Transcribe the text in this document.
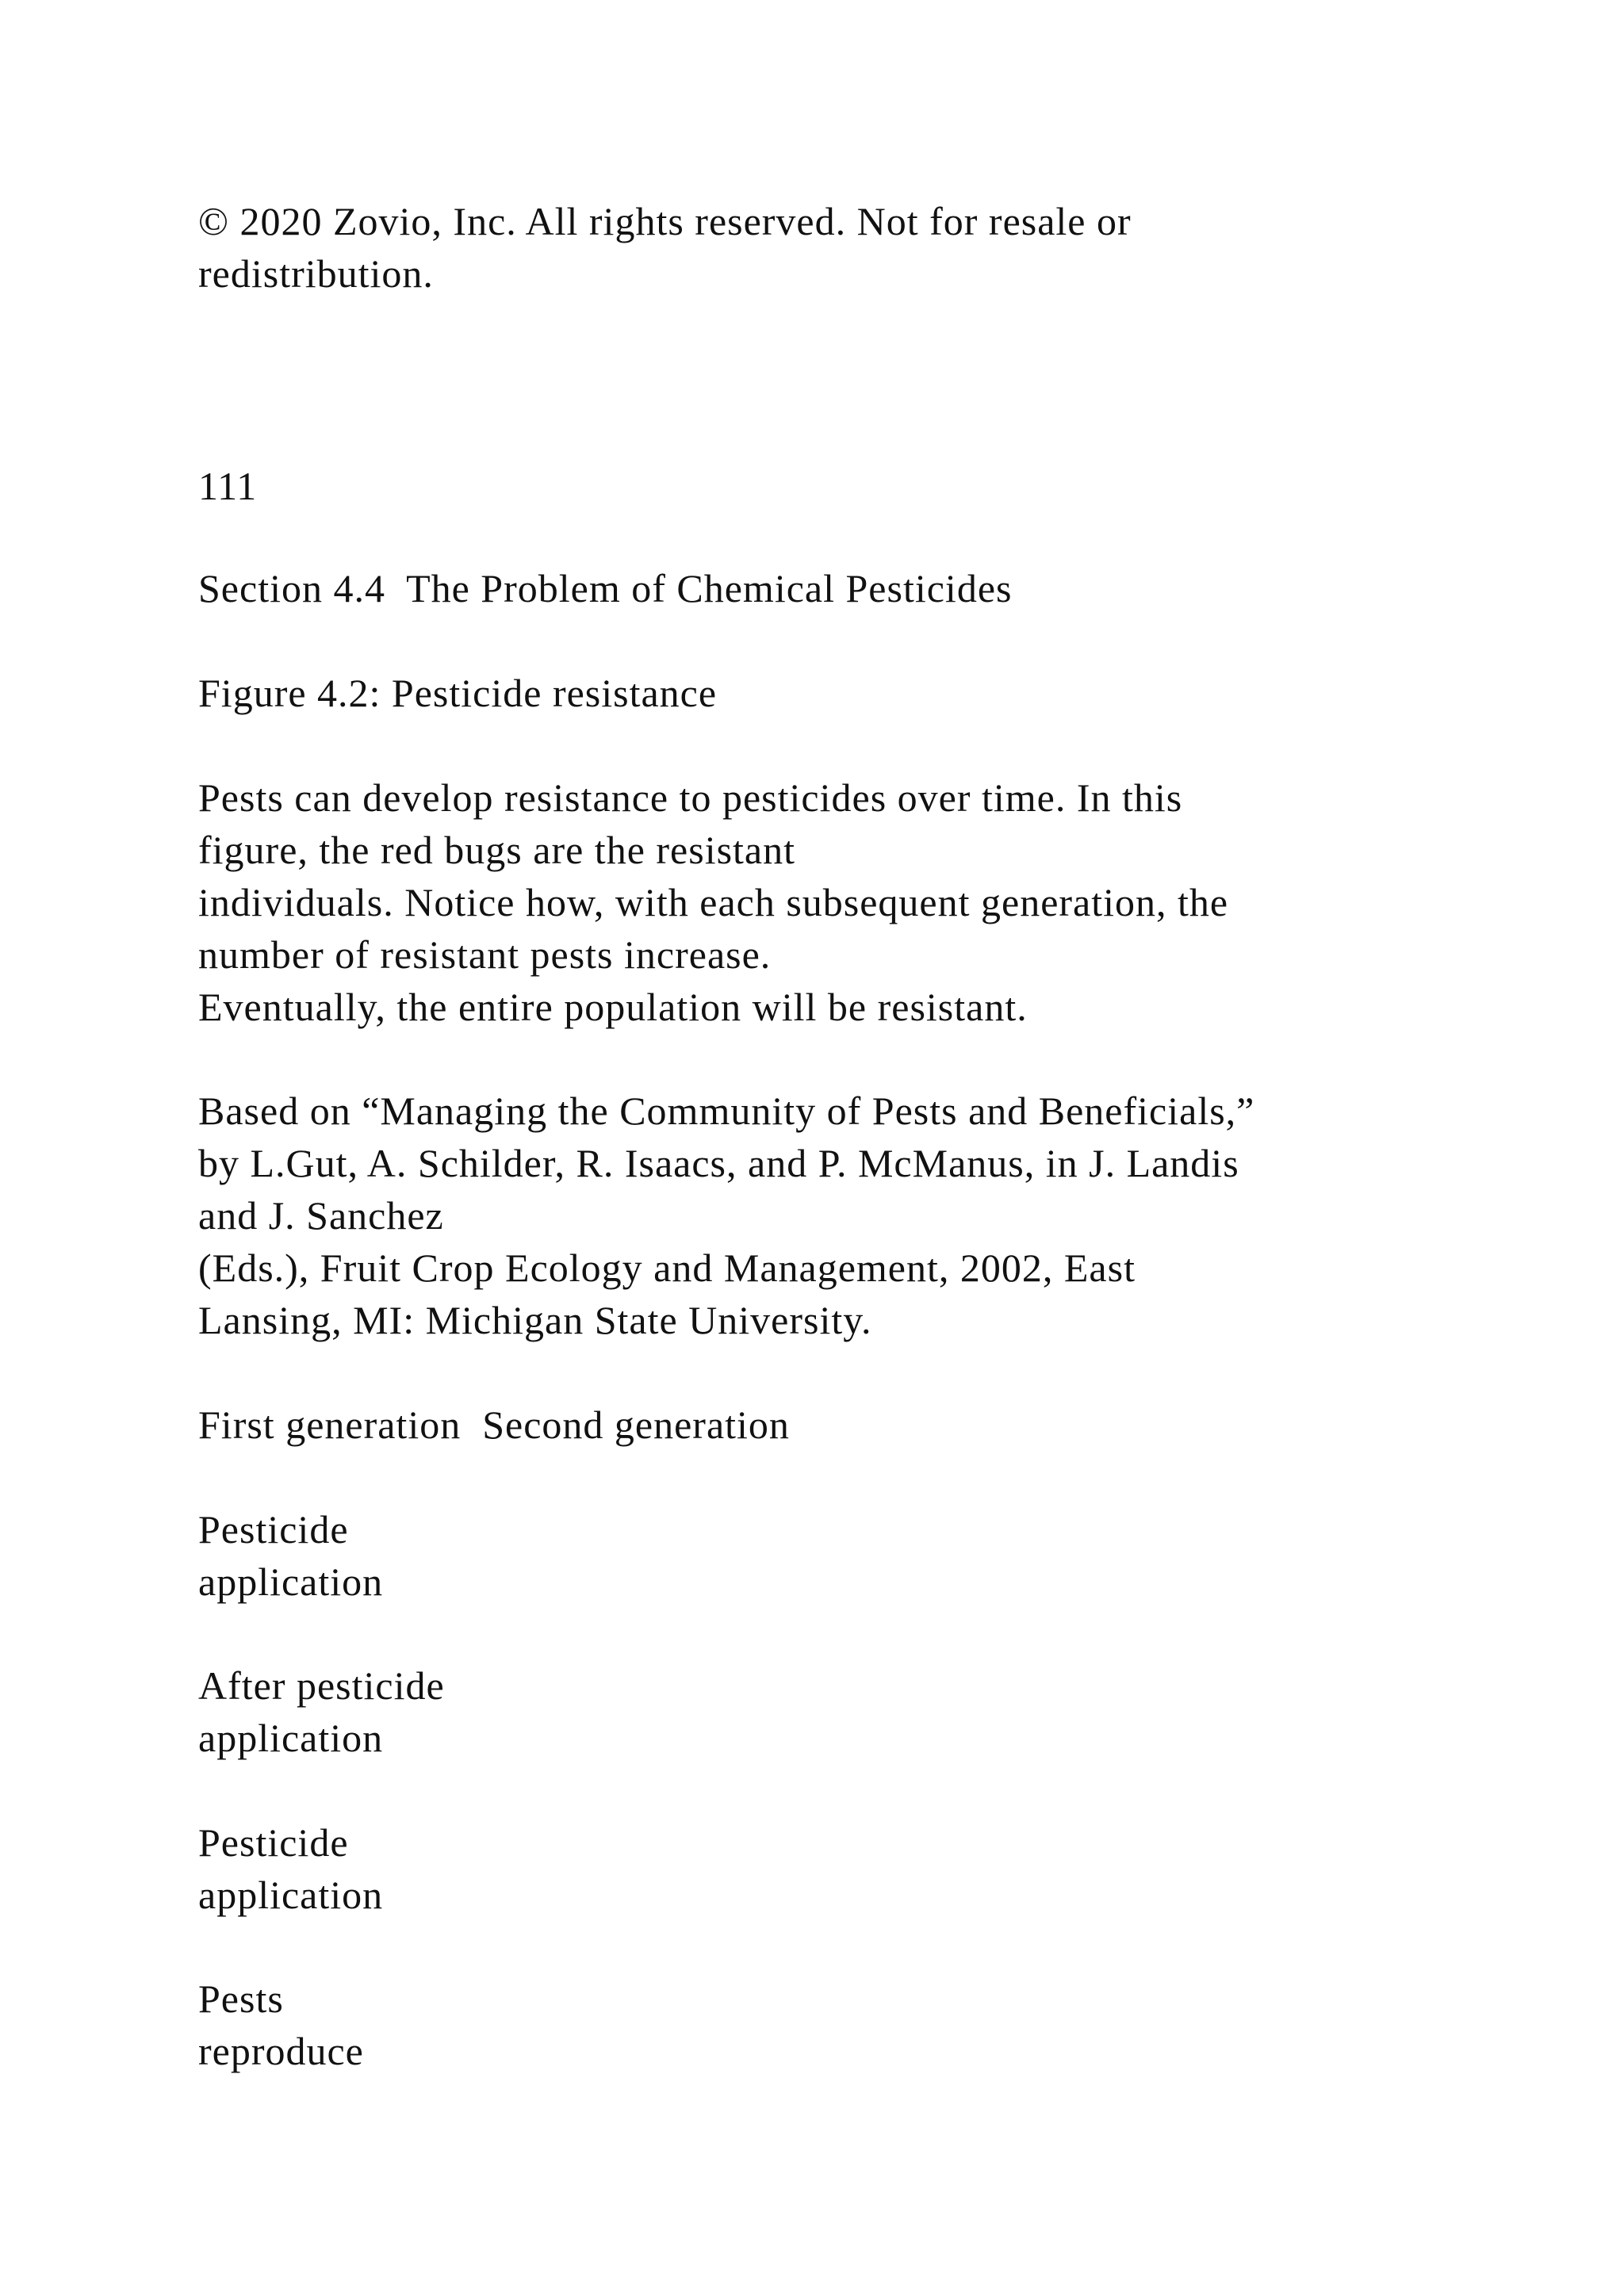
© 2020 Zovio, Inc. All rights reserved. Not for resale or
redistribution.
111
Section 4.4  The Problem of Chemical Pesticides
Figure 4.2: Pesticide resistance
Pests can develop resistance to pesticides over time. In this
figure, the red bugs are the resistant
individuals. Notice how, with each subsequent generation, the
number of resistant pests increase.
Eventually, the entire population will be resistant.
Based on “Managing the Community of Pests and Beneficials,”
by L.Gut, A. Schilder, R. Isaacs, and P. McManus, in J. Landis
and J. Sanchez
(Eds.), Fruit Crop Ecology and Management, 2002, East
Lansing, MI: Michigan State University.
First generation  Second generation
Pesticide
application
After pesticide
application
Pesticide
application
Pests
reproduce
